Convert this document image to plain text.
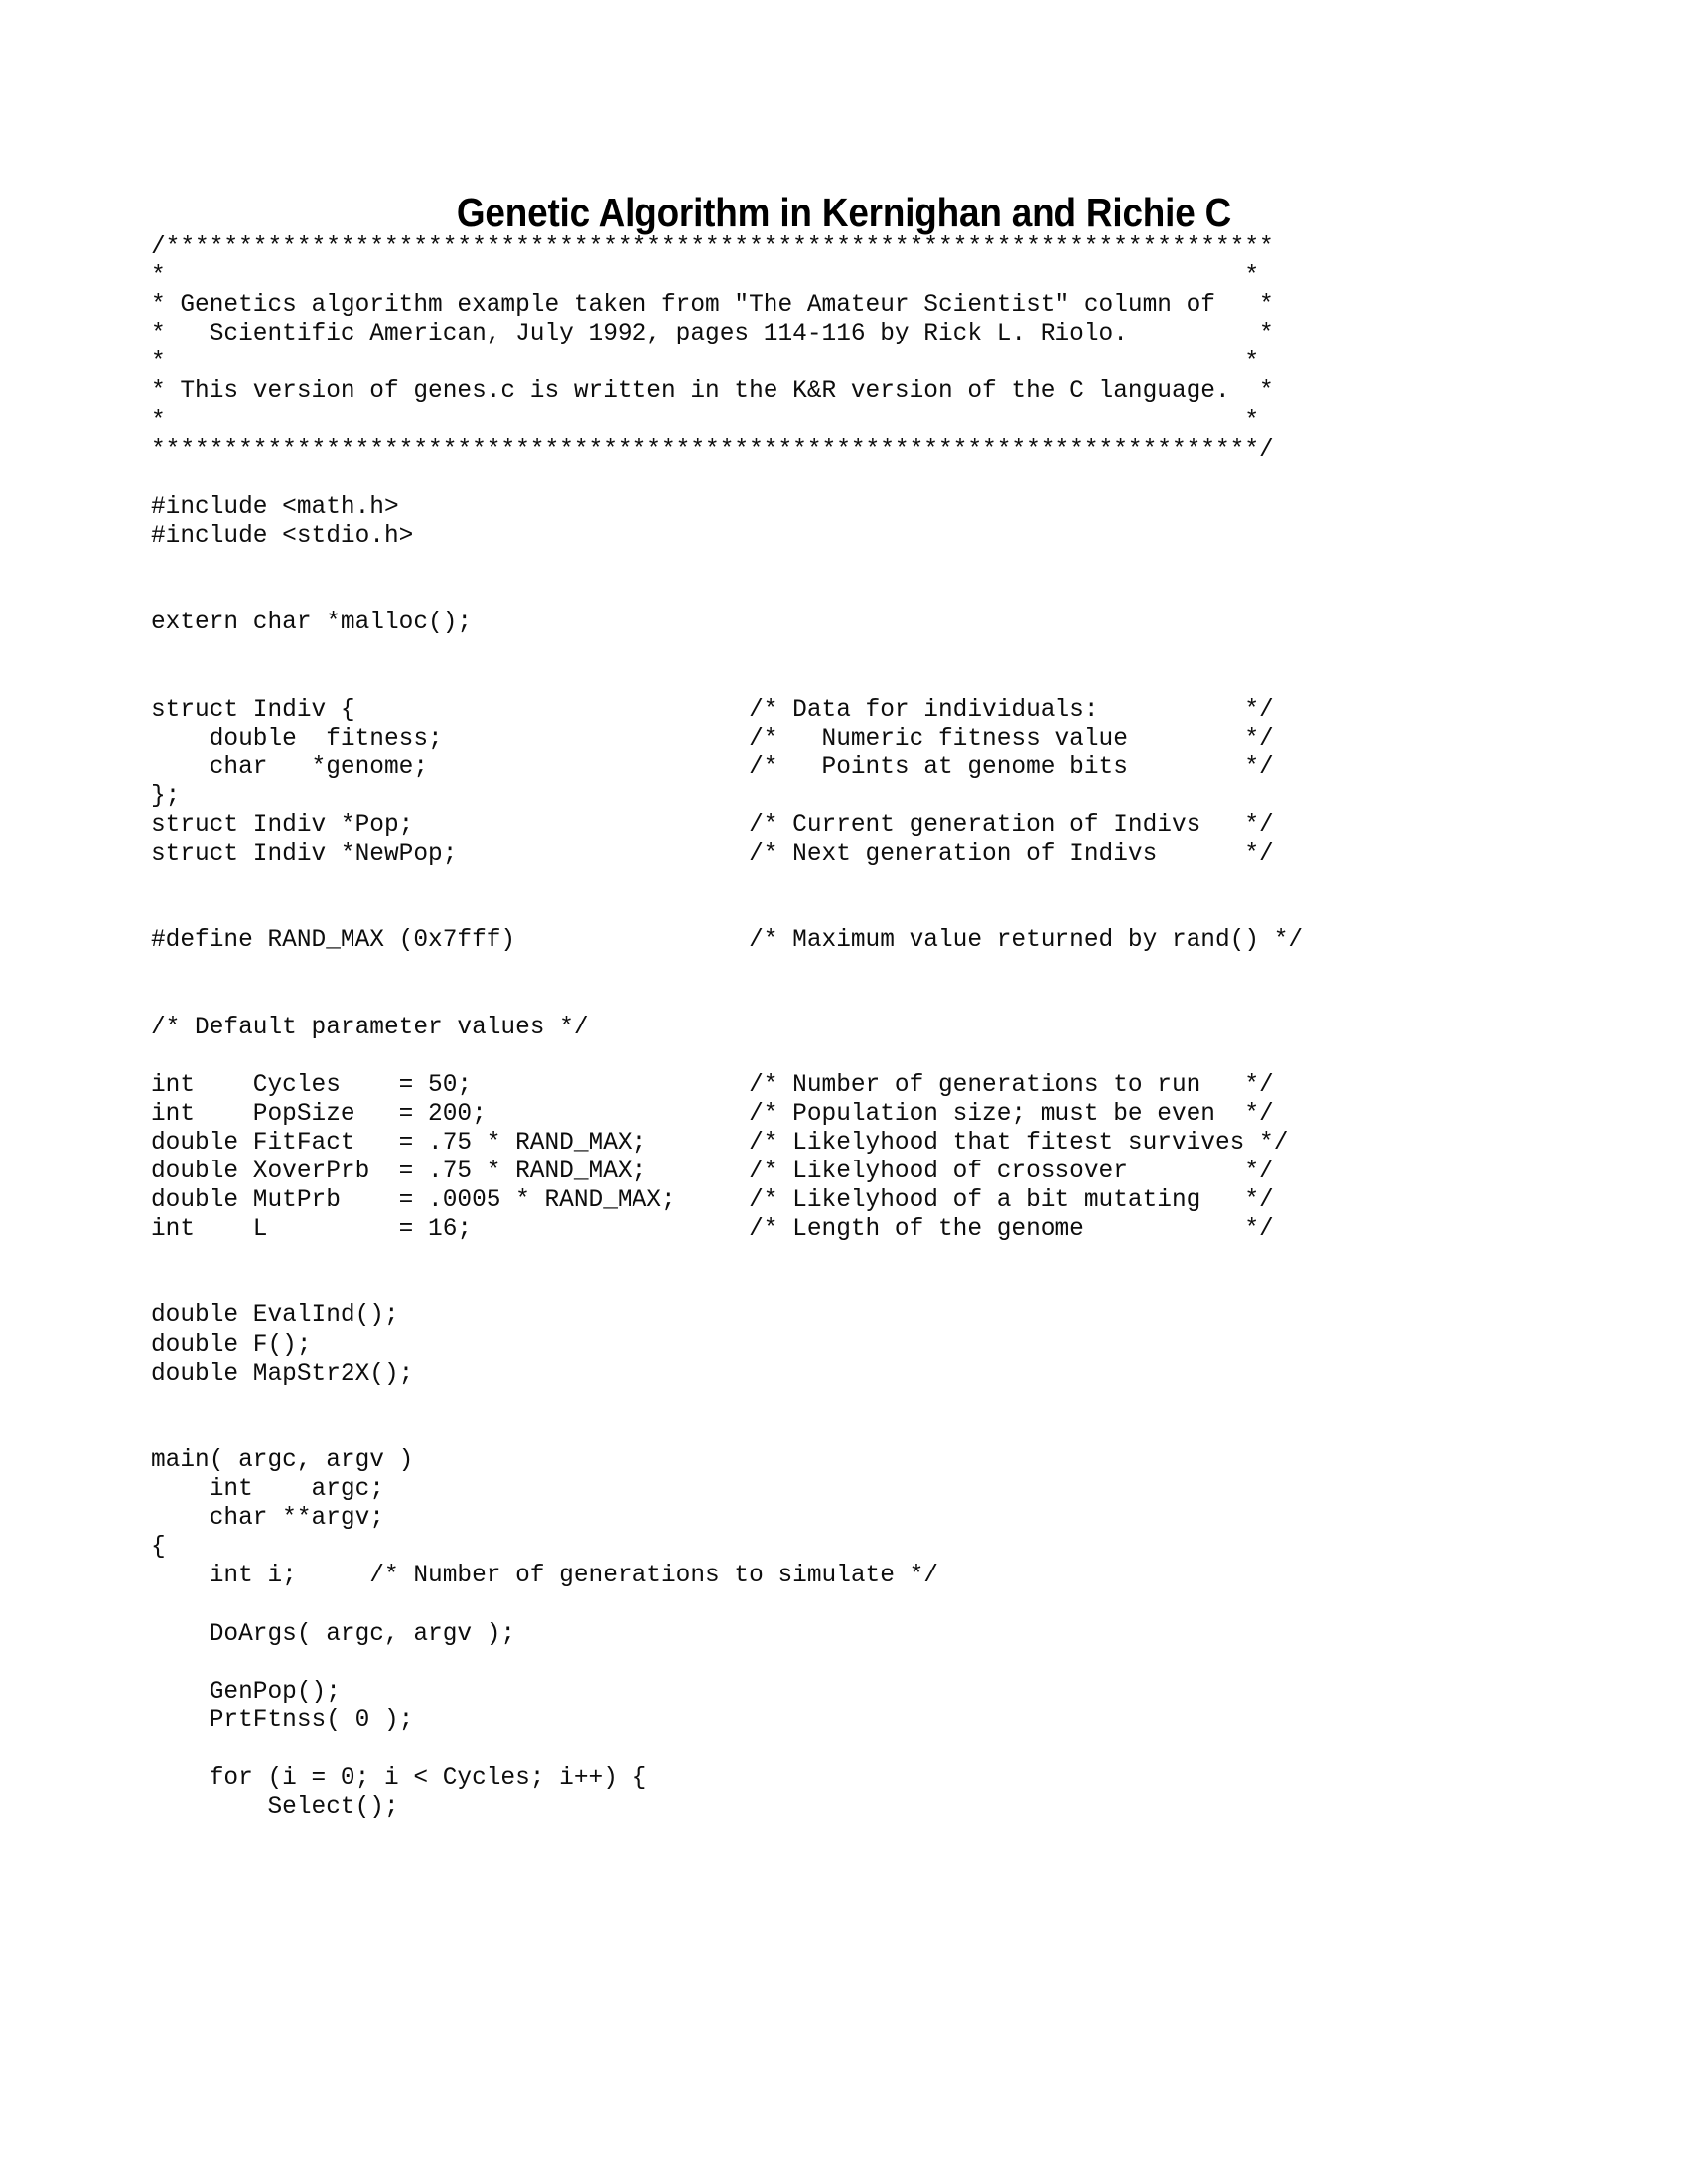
Genetic Algorithm in Kernighan and Richie C
/****************************************************************************
*                                                                          *
* Genetics algorithm example taken from "The Amateur Scientist" column of   *
*   Scientific American, July 1992, pages 114-116 by Rick L. Riolo.         *
*                                                                          *
* This version of genes.c is written in the K&R version of the C language.  *
*                                                                          *
****************************************************************************/

#include <math.h>
#include <stdio.h>

extern char *malloc();

struct Indiv {                           /* Data for individuals:          */
double  fitness;                     /*   Numeric fitness value        */
char   *genome;                      /*   Points at genome bits        */
};
struct Indiv *Pop;                       /* Current generation of Indivs   */
struct Indiv *NewPop;                    /* Next generation of Indivs      */

#define RAND_MAX (0x7fff)                /* Maximum value returned by rand() */

/* Default parameter values */

int    Cycles    = 50;                   /* Number of generations to run   */
int    PopSize   = 200;                  /* Population size; must be even  */
double FitFact   = .75 * RAND_MAX;       /* Likelyhood that fitest survives */
double XoverPrb  = .75 * RAND_MAX;       /* Likelyhood of crossover        */
double MutPrb    = .0005 * RAND_MAX;     /* Likelyhood of a bit mutating   */
int    L         = 16;                   /* Length of the genome           */

double EvalInd();
double F();
double MapStr2X();

main( argc, argv )
int    argc;
char **argv;
{
int i;     /* Number of generations to simulate */

DoArgs( argc, argv );

GenPop();
PrtFtnss( 0 );

for (i = 0; i < Cycles; i++) {
Select();
